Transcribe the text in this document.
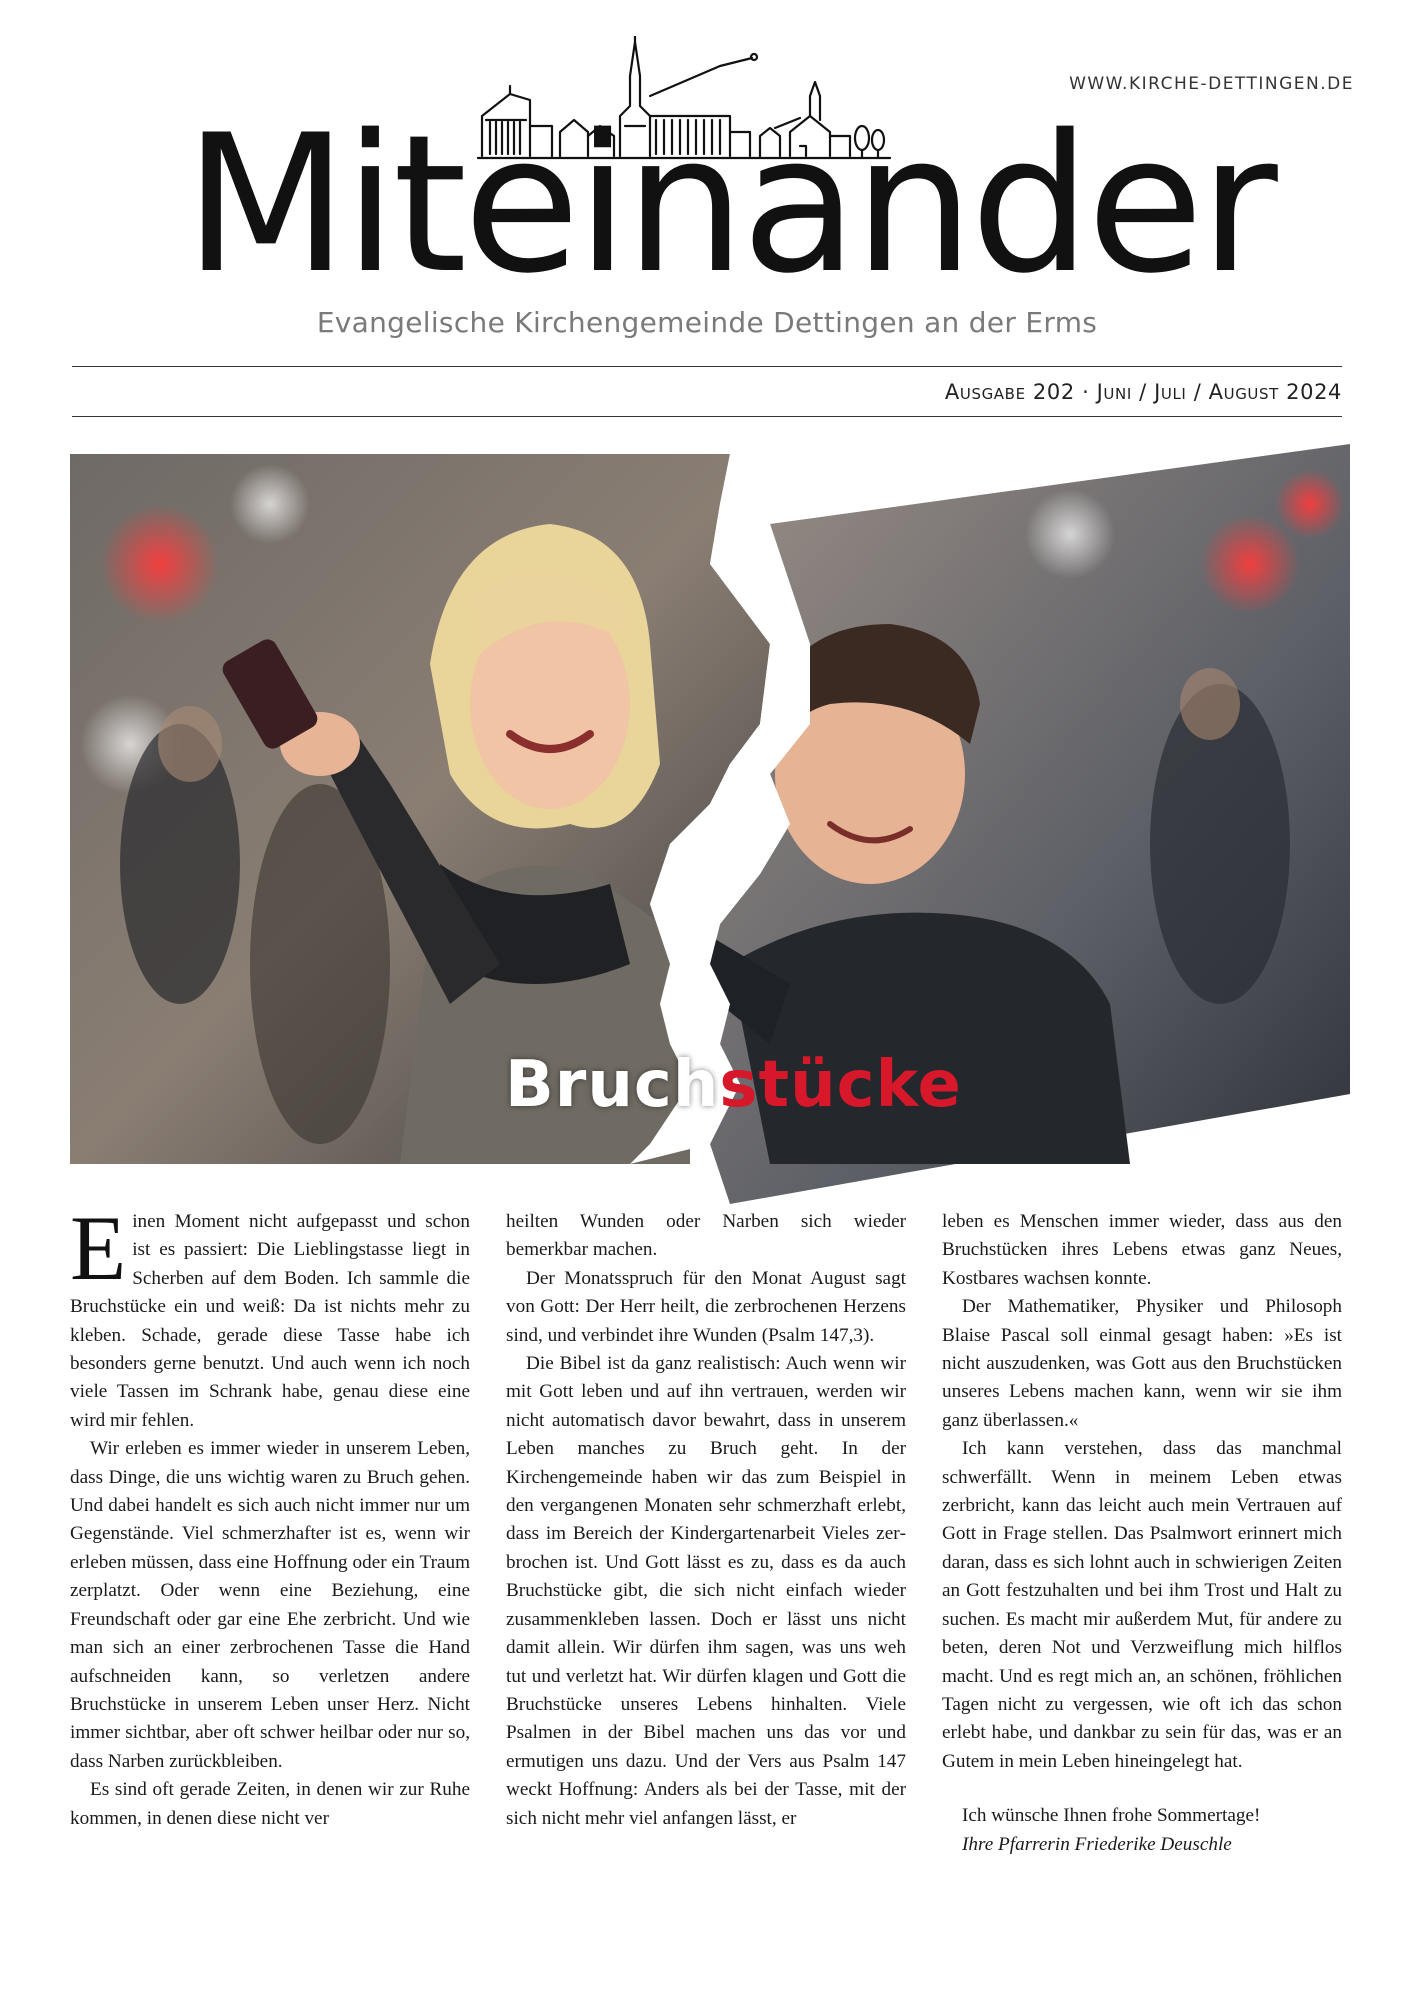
WWW.KIRCHE-DETTINGEN.DE
Miteinander
Evangelische Kirchengemeinde Dettingen an der Erms
Ausgabe 202 · Juni / Juli / August 2024
Bruchstücke

Einen Moment nicht aufgepasst und schon ist es passiert: Die Lieblingstasse liegt in Scherben auf dem Boden. Ich sammle die Bruchstücke ein und weiß: Da ist nichts mehr zu kleben. Schade, gerade diese Tasse habe ich besonders gerne benutzt. Und auch wenn ich noch viele Tassen im Schrank habe, genau diese eine wird mir fehlen.

Wir erleben es immer wieder in unserem Leben, dass Dinge, die uns wichtig waren zu Bruch gehen. Und dabei handelt es sich auch nicht immer nur um Gegenstände. Viel schmerzhafter ist es, wenn wir erleben müssen, dass eine Hoffnung oder ein Traum zerplatzt. Oder wenn eine Beziehung, eine Freundschaft oder gar eine Ehe zerbricht. Und wie man sich an einer zerbrochenen Tasse die Hand aufschneiden kann, so verletzen andere Bruchstücke in unserem Leben unser Herz. Nicht immer sichtbar, aber oft schwer heilbar oder nur so, dass Narben zurückbleiben.

Es sind oft gerade Zeiten, in denen wir zur Ruhe kommen, in denen diese nicht ver

heilten Wunden oder Narben sich wieder bemerkbar machen.

Der Monatsspruch für den Monat August sagt von Gott: Der Herr heilt, die zerbrochenen Herzens sind, und verbindet ihre Wunden (Psalm 147,3).

Die Bibel ist da ganz realistisch: Auch wenn wir mit Gott leben und auf ihn vertrauen, werden wir nicht automatisch davor bewahrt, dass in unserem Leben manches zu Bruch geht. In der Kirchengemeinde haben wir das zum Beispiel in den vergangenen Monaten sehr schmerzhaft erlebt, dass im Bereich der Kindergartenarbeit Vieles zerbrochen ist. Und Gott lässt es zu, dass es da auch Bruchstücke gibt, die sich nicht einfach wieder zusammenkleben lassen. Doch er lässt uns nicht damit allein. Wir dürfen ihm sagen, was uns weh tut und verletzt hat. Wir dürfen klagen und Gott die Bruchstücke unseres Lebens hinhalten. Viele Psalmen in der Bibel machen uns das vor und ermutigen uns dazu. Und der Vers aus Psalm 147 weckt Hoffnung: Anders als bei der Tasse, mit der sich nicht mehr viel anfangen lässt, er

leben es Menschen immer wieder, dass aus den Bruchstücken ihres Lebens etwas ganz Neues, Kostbares wachsen konnte.

Der Mathematiker, Physiker und Philosoph Blaise Pascal soll einmal gesagt haben: »Es ist nicht auszudenken, was Gott aus den Bruchstücken unseres Lebens machen kann, wenn wir sie ihm ganz überlassen.«

Ich kann verstehen, dass das manchmal schwerfällt. Wenn in meinem Leben etwas zerbricht, kann das leicht auch mein Vertrauen auf Gott in Frage stellen. Das Psalmwort erinnert mich daran, dass es sich lohnt auch in schwierigen Zeiten an Gott festzuhalten und bei ihm Trost und Halt zu suchen. Es macht mir außerdem Mut, für andere zu beten, deren Not und Verzweiflung mich hilflos macht. Und es regt mich an, an schönen, fröhlichen Tagen nicht zu vergessen, wie oft ich das schon erlebt habe, und dankbar zu sein für das, was er an Gutem in mein Leben hineingelegt hat.

Ich wünsche Ihnen frohe Sommertage!

Ihre Pfarrerin Friederike Deuschle
